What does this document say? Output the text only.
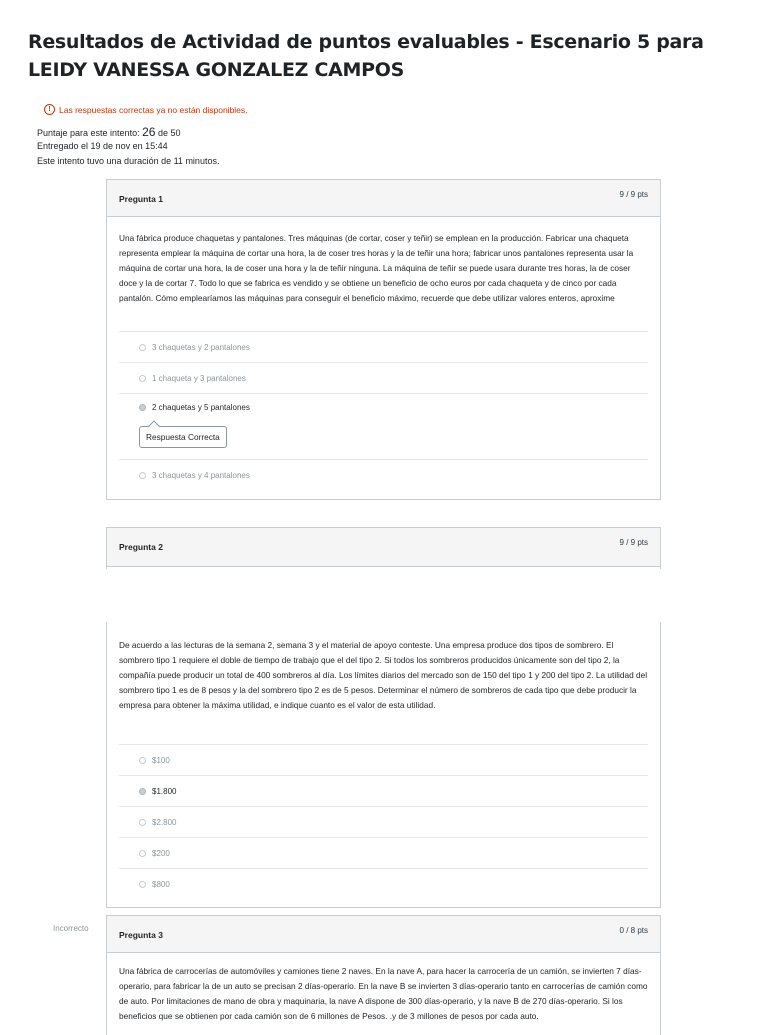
Resultados de Actividad de puntos evaluables - Escenario 5 para LEIDY VANESSA GONZALEZ CAMPOS
! Las respuestas correctas ya no están disponibles.
Puntaje para este intento: 26 de 50
Entregado el 19 de nov en 15:44
Este intento tuvo una duración de 11 minutos.
Pregunta 1	9 / 9 pts
Una fábrica produce chaquetas y pantalones. Tres máquinas (de cortar, coser y teñir) se emplean en la producción. Fabricar una chaqueta representa emplear la máquina de cortar una hora, la de coser tres horas y la de teñir una hora; fabricar unos pantalones representa usar la máquina de cortar una hora, la de coser una hora y la de teñir ninguna. La máquina de teñir se puede usara durante tres horas, la de coser doce y la de cortar 7. Todo lo que se fabrica es vendido y se obtiene un beneficio de ocho euros por cada chaqueta y de cinco por cada pantalón. Cómo emplearíamos las máquinas para conseguir el beneficio máximo, recuerde que debe utilizar valores enteros, aproxime
3 chaquetas y 2 pantalones
1 chaqueta y 3 pantalones
2 chaquetas y 5 pantalones
3 chaquetas y 4 pantalones
Respuesta Correcta
Pregunta 2	9 / 9 pts
De acuerdo a las lecturas de la semana 2, semana 3 y el material de apoyo conteste. Una empresa produce dos tipos de sombrero. El sombrero tipo 1 requiere el doble de tiempo de trabajo que el del tipo 2. Si todos los sombreros producidos únicamente son del tipo 2, la compañía puede producir un total de 400 sombreros al día. Los límites diarios del mercado son de 150 del tipo 1 y 200 del tipo 2. La utilidad del sombrero tipo 1 es de 8 pesos y la del sombrero tipo 2 es de 5 pesos. Determinar el número de sombreros de cada tipo que debe producir la empresa para obtener la máxima utilidad, e indique cuanto es el valor de esta utilidad.
$100
$1.800
$2.800
$200
$800
Incorrecto
Pregunta 3	0 / 8 pts
Una fábrica de carrocerías de automóviles y camiones tiene 2 naves. En la nave A, para hacer la carrocería de un camión, se invierten 7 días-operario, para fabricar la de un auto se precisan 2 días-operario. En la nave B se invierten 3 días-operario tanto en carrocerías de camión como de auto. Por limitaciones de mano de obra y maquinaria, la nave A dispone de 300 días-operario, y la nave B de 270 días-operario. Si los beneficios que se obtienen por cada camión son de 6 millones de Pesos. .y de 3 millones de pesos por cada auto.
